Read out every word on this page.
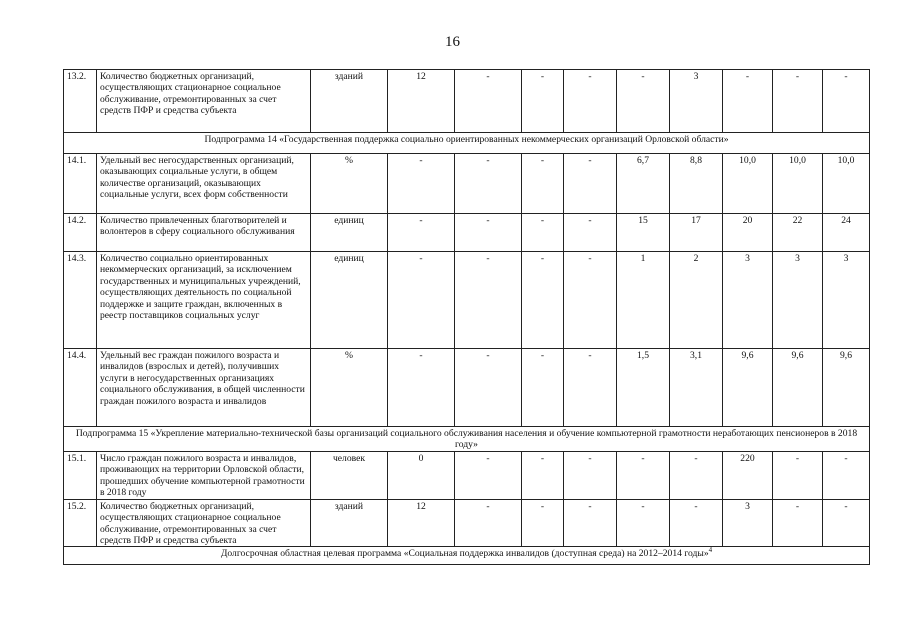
16
13.2.	Количество бюджетных организаций, осуществляющих стационарное социальное обслуживание, отремонтированных за счет средств ПФР и средства субъекта	зданий	12	-	-	-	-	3	-	-	-
Подпрограмма 14 «Государственная поддержка социально ориентированных некоммерческих организаций Орловской области»											
14.1.	Удельный вес негосударственных организаций, оказывающих социальные услуги, в общем количестве организаций, оказывающих социальные услуги, всех форм собственности	%	-	-	-	-	6,7	8,8	10,0	10,0	10,0
14.2.	Количество привлеченных благотворителей и волонтеров в сферу социального обслуживания	единиц	-	-	-	-	15	17	20	22	24
14.3.	Количество социально ориентированных некоммерческих организаций, за исключением государственных и муниципальных учреждений, осуществляющих деятельность по социальной поддержке и защите граждан, включенных в реестр поставщиков социальных услуг	единиц	-	-	-	-	1	2	3	3	3
14.4.	Удельный вес граждан пожилого возраста и инвалидов (взрослых и детей), получивших услуги в негосударственных организациях социального обслуживания, в общей численности граждан пожилого возраста и инвалидов	%	-	-	-	-	1,5	3,1	9,6	9,6	9,6
Подпрограмма 15 «Укрепление материально-технической базы организаций социального обслуживания населения и обучение компьютерной грамотности неработающих пенсионеров в 2018 году»											
15.1.	Число граждан пожилого возраста и инвалидов, проживающих на территории Орловской области, прошедших обучение компьютерной грамотности в 2018 году	человек	0	-	-	-	-	-	220	-	-
15.2.	Количество бюджетных организаций, осуществляющих стационарное социальное обслуживание, отремонтированных за счет средств ПФР и средства субъекта	зданий	12	-	-	-	-	-	3	-	-
Долгосрочная областная целевая программа «Социальная поддержка инвалидов (доступная среда) на 2012–2014 годы»$^4$
